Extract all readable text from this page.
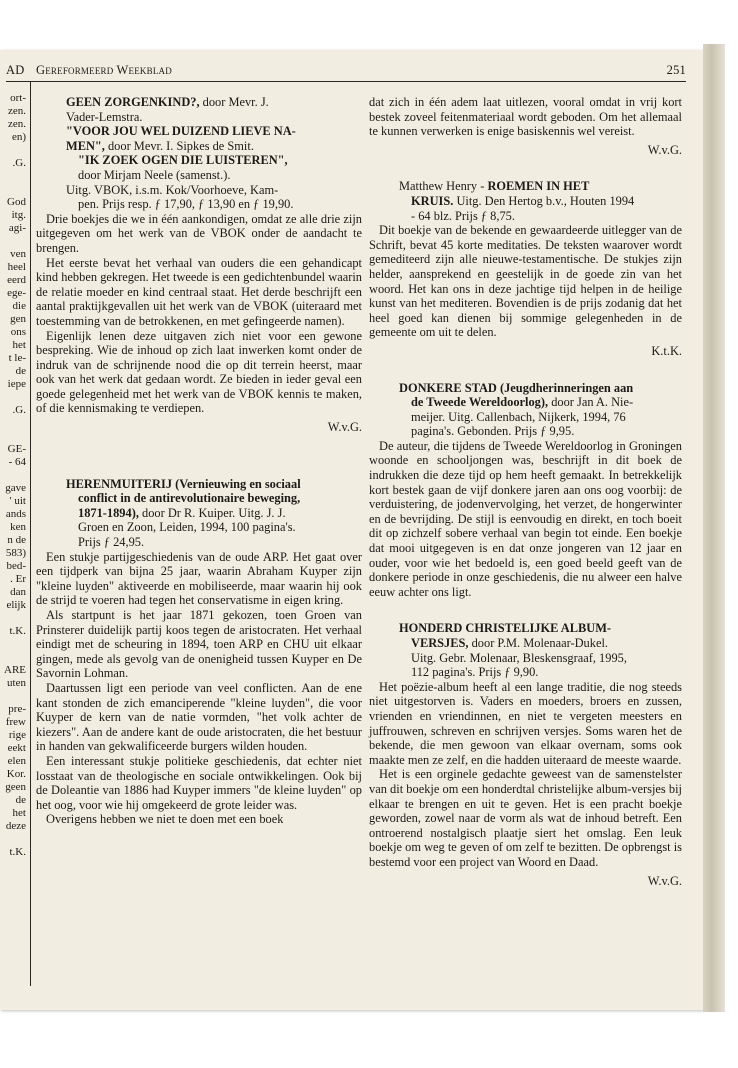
AD Gereformeerd Weekblad	251
ort-
zen.
zen.
en)
.G.
God
itg.
agi-
ven
heel
eerd
ege-
die
gen
ons
het
t le-
de
iepe
.G.
GE-
- 64
gave
' uit
ands
ken
n de
583)
bed-
. Er
dan
elijk
t.K.
ARE
uten
pre-
frew
rige
eekt
elen
Kor.
geen
de
het
deze
t.K.
GEEN ZORGENKIND?, door Mevr. J.
Vader-Lemstra.
"VOOR JOU WEL DUIZEND LIEVE NA-
MEN", door Mevr. I. Sipkes de Smit.
"IK ZOEK OGEN DIE LUISTEREN",
door Mirjam Neele (samenst.).
Uitg. VBOK, i.s.m. Kok/Voorhoeve, Kam-
pen. Prijs resp. ƒ 17,90, ƒ 13,90 en ƒ 19,90.

Drie boekjes die we in één aankondigen, omdat ze alle drie zijn uitgegeven om het werk van de VBOK onder de aandacht te brengen.

Het eerste bevat het verhaal van ouders die een gehandicapt kind hebben gekregen. Het tweede is een gedichtenbundel waarin de relatie moeder en kind centraal staat. Het derde beschrijft een aantal praktijkgevallen uit het werk van de VBOK (uiteraard met toestemming van de betrokkenen, en met gefingeerde namen).

Eigenlijk lenen deze uitgaven zich niet voor een gewone bespreking. Wie de inhoud op zich laat inwerken komt onder de indruk van de schrijnende nood die op dit terrein heerst, maar ook van het werk dat gedaan wordt. Ze bieden in ieder geval een goede gelegenheid met het werk van de VBOK kennis te maken, of die kennismaking te verdiepen.

W.v.G.
HERENMUITERIJ (Vernieuwing en sociaal
conflict in de antirevolutionaire beweging,
1871-1894), door Dr R. Kuiper. Uitg. J. J.
Groen en Zoon, Leiden, 1994, 100 pagina's.
Prijs ƒ 24,95.

Een stukje partijgeschiedenis van de oude ARP. Het gaat over een tijdperk van bijna 25 jaar, waarin Abraham Kuyper zijn "kleine luyden" aktiveerde en mobiliseerde, maar waarin hij ook de strijd te voeren had tegen het conservatisme in eigen kring.

Als startpunt is het jaar 1871 gekozen, toen Groen van Prinsterer duidelijk partij koos tegen de aristocraten. Het verhaal eindigt met de scheuring in 1894, toen ARP en CHU uit elkaar gingen, mede als gevolg van de onenigheid tussen Kuyper en De Savornin Lohman.

Daartussen ligt een periode van veel conflicten. Aan de ene kant stonden de zich emanciperende "kleine luyden", die voor Kuyper de kern van de natie vormden, "het volk achter de kiezers". Aan de andere kant de oude aristocraten, die het bestuur in handen van gekwalificeerde burgers wilden houden.

Een interessant stukje politieke geschiedenis, dat echter niet losstaat van de theologische en sociale ontwikkelingen. Ook bij de Doleantie van 1886 had Kuyper immers "de kleine luyden" op het oog, voor wie hij omgekeerd de grote leider was.

Overigens hebben we niet te doen met een boek

dat zich in één adem laat uitlezen, vooral omdat in vrij kort bestek zoveel feitenmateriaal wordt geboden. Om het allemaal te kunnen verwerken is enige basiskennis wel vereist.

W.v.G.
Matthew Henry - ROEMEN IN HET
KRUIS. Uitg. Den Hertog b.v., Houten 1994
- 64 blz. Prijs ƒ 8,75.

Dit boekje van de bekende en gewaardeerde uitlegger van de Schrift, bevat 45 korte meditaties. De teksten waarover wordt gemediteerd zijn alle nieuwe-testamentische. De stukjes zijn helder, aansprekend en geestelijk in de goede zin van het woord. Het kan ons in deze jachtige tijd helpen in de heilige kunst van het mediteren. Bovendien is de prijs zodanig dat het heel goed kan dienen bij sommige gelegenheden in de gemeente om uit te delen.

K.t.K.
DONKERE STAD (Jeugdherinneringen aan
de Tweede Wereldoorlog), door Jan A. Nie-
meijer. Uitg. Callenbach, Nijkerk, 1994, 76
pagina's. Gebonden. Prijs ƒ 9,95.

De auteur, die tijdens de Tweede Wereldoorlog in Groningen woonde en schooljongen was, beschrijft in dit boek de indrukken die deze tijd op hem heeft gemaakt. In betrekkelijk kort bestek gaan de vijf donkere jaren aan ons oog voorbij: de verduistering, de jodenvervolging, het verzet, de hongerwinter en de bevrijding. De stijl is eenvoudig en direkt, en toch boeit dit op zichzelf sobere verhaal van begin tot einde. Een boekje dat mooi uitgegeven is en dat onze jongeren van 12 jaar en ouder, voor wie het bedoeld is, een goed beeld geeft van de donkere periode in onze geschiedenis, die nu alweer een halve eeuw achter ons ligt.

HONDERD CHRISTELIJKE ALBUM-
VERSJES, door P.M. Molenaar-Dukel.
Uitg. Gebr. Molenaar, Bleskensgraaf, 1995,
112 pagina's. Prijs ƒ 9,90.

Het poëzie-album heeft al een lange traditie, die nog steeds niet uitgestorven is. Vaders en moeders, broers en zussen, vrienden en vriendinnen, en niet te vergeten meesters en juffrouwen, schreven en schrijven versjes. Soms waren het de bekende, die men gewoon van elkaar overnam, soms ook maakte men ze zelf, en die hadden uiteraard de meeste waarde.

Het is een orginele gedachte geweest van de samenstelster van dit boekje om een honderdtal christelijke album-versjes bij elkaar te brengen en uit te geven. Het is een pracht boekje geworden, zowel naar de vorm als wat de inhoud betreft. Een ontroerend nostalgisch plaatje siert het omslag. Een leuk boekje om weg te geven of om zelf te bezitten. De opbrengst is bestemd voor een project van Woord en Daad.

W.v.G.
